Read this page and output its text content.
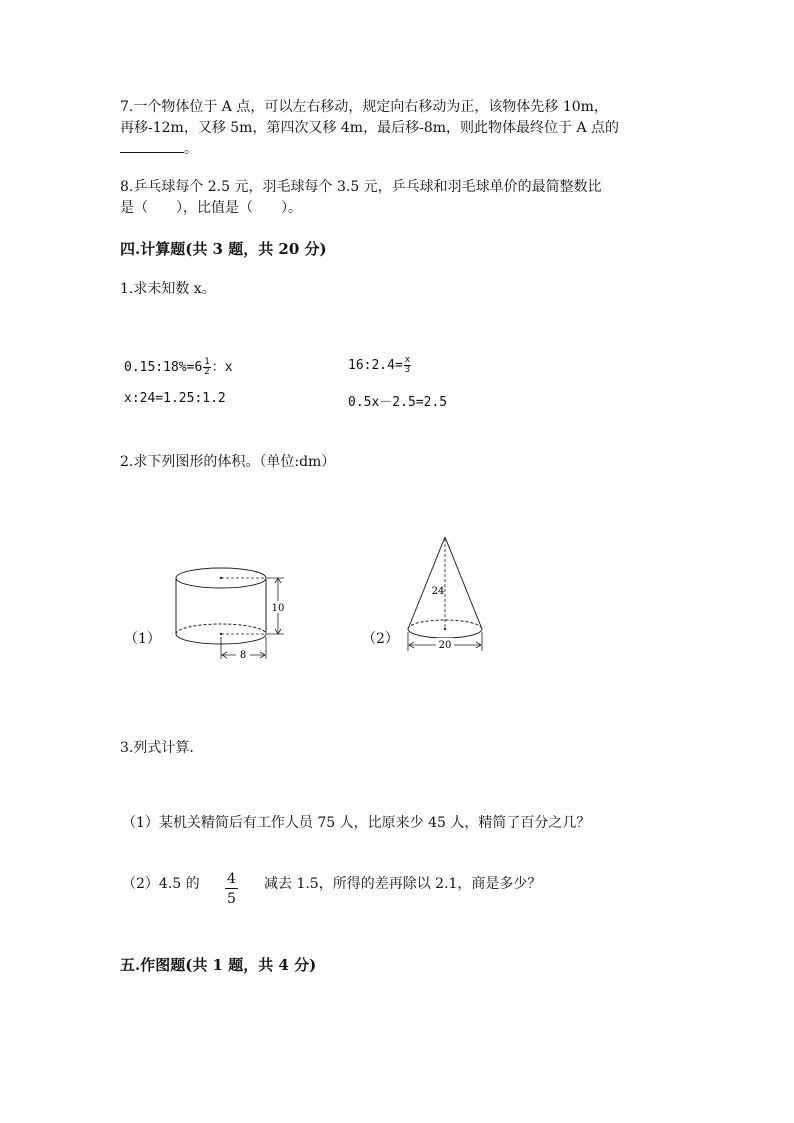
7.一个物体位于 A 点，可以左右移动，规定向右移动为正，该物体先移 10m，
再移-12m，又移 5m，第四次又移 4m，最后移-8m，则此物体最终位于 A 点的
。
8.乒乓球每个 2.5 元，羽毛球每个 3.5 元，乒乓球和羽毛球单价的最简整数比
是（　　），比值是（　　）。
四.计算题(共 3 题，共 20 分)
1.求未知数 x。
0.15:18%=6 $\frac{1}{2}$ ：x	16:2.4= $\frac{x}{3}$
x:24=1.25:1.2	0.5x－2.5=2.5
2.求下列图形的体积。（单位:dm）
10
8
（1）
24
20
（2）
3.列式计算.
（1）某机关精简后有工作人员 75 人，比原来少 45 人，精简了百分之几？
（2）4.5 的 $\frac{4}{5}$ 减去 1.5，所得的差再除以 2.1，商是多少？
五.作图题(共 1 题，共 4 分)
